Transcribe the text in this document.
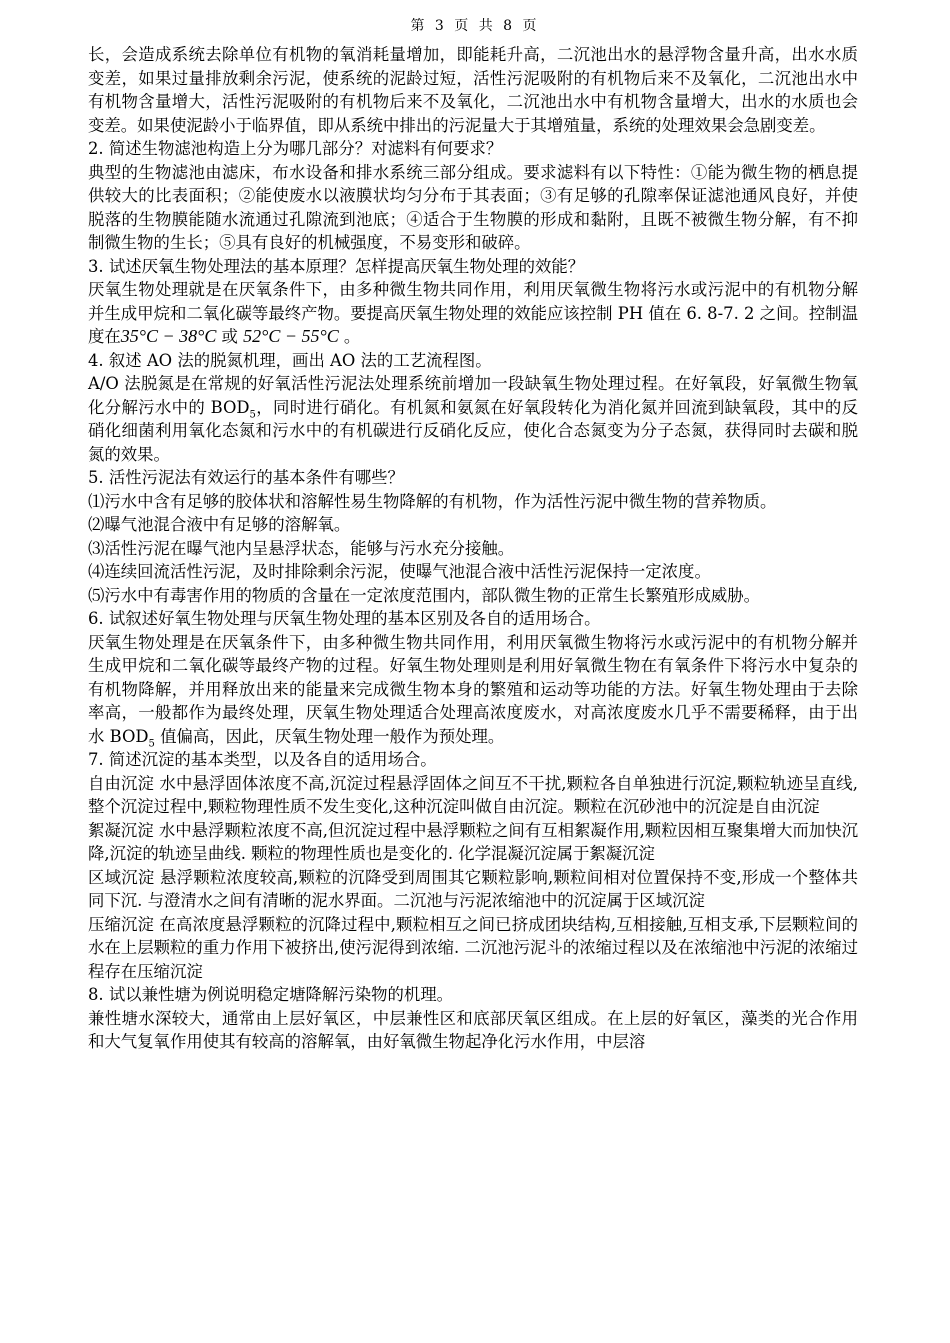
第 3 页 共 8 页

长，会造成系统去除单位有机物的氧消耗量增加，即能耗升高，二沉池出水的悬浮物含量升高，出水水质变差，如果过量排放剩余污泥，使系统的泥龄过短，活性污泥吸附的有机物后来不及氧化，二沉池出水中有机物含量增大，活性污泥吸附的有机物后来不及氧化，二沉池出水中有机物含量增大，出水的水质也会变差。如果使泥龄小于临界值，即从系统中排出的污泥量大于其增殖量，系统的处理效果会急剧变差。

2. 简述生物滤池构造上分为哪几部分？对滤料有何要求？

典型的生物滤池由滤床，布水设备和排水系统三部分组成。要求滤料有以下特性：①能为微生物的栖息提供较大的比表面积；②能使废水以液膜状均匀分布于其表面；③有足够的孔隙率保证滤池通风良好，并使脱落的生物膜能随水流通过孔隙流到池底；④适合于生物膜的形成和黏附，且既不被微生物分解，有不抑制微生物的生长；⑤具有良好的机械强度，不易变形和破碎。

3. 试述厌氧生物处理法的基本原理？怎样提高厌氧生物处理的效能？

厌氧生物处理就是在厌氧条件下，由多种微生物共同作用，利用厌氧微生物将污水或污泥中的有机物分解并生成甲烷和二氧化碳等最终产物。要提高厌氧生物处理的效能应该控制 PH 值在 6. 8-7. 2 之间。控制温度在35°C − 38°C 或 52°C − 55°C 。

4. 叙述 AO 法的脱氮机理，画出 AO 法的工艺流程图。

A/O 法脱氮是在常规的好氧活性污泥法处理系统前增加一段缺氧生物处理过程。在好氧段，好氧微生物氧化分解污水中的 $BOD_5$，同时进行硝化。有机氮和氨氮在好氧段转化为消化氮并回流到缺氧段，其中的反硝化细菌利用氧化态氮和污水中的有机碳进行反硝化反应，使化合态氮变为分子态氮，获得同时去碳和脱氮的效果。

5. 活性污泥法有效运行的基本条件有哪些？

⑴污水中含有足够的胶体状和溶解性易生物降解的有机物，作为活性污泥中微生物的营养物质。

⑵曝气池混合液中有足够的溶解氧。

⑶活性污泥在曝气池内呈悬浮状态，能够与污水充分接触。

⑷连续回流活性污泥，及时排除剩余污泥，使曝气池混合液中活性污泥保持一定浓度。

⑸污水中有毒害作用的物质的含量在一定浓度范围内，部队微生物的正常生长繁殖形成威胁。

6. 试叙述好氧生物处理与厌氧生物处理的基本区别及各自的适用场合。

厌氧生物处理是在厌氧条件下，由多种微生物共同作用，利用厌氧微生物将污水或污泥中的有机物分解并生成甲烷和二氧化碳等最终产物的过程。好氧生物处理则是利用好氧微生物在有氧条件下将污水中复杂的有机物降解，并用释放出来的能量来完成微生物本身的繁殖和运动等功能的方法。好氧生物处理由于去除率高，一般都作为最终处理，厌氧生物处理适合处理高浓度废水，对高浓度废水几乎不需要稀释，由于出水 $BOD_5$ 值偏高，因此，厌氧生物处理一般作为预处理。

7. 简述沉淀的基本类型，以及各自的适用场合。

自由沉淀 水中悬浮固体浓度不高,沉淀过程悬浮固体之间互不干扰,颗粒各自单独进行沉淀,颗粒轨迹呈直线,整个沉淀过程中,颗粒物理性质不发生变化,这种沉淀叫做自由沉淀。颗粒在沉砂池中的沉淀是自由沉淀

絮凝沉淀 水中悬浮颗粒浓度不高,但沉淀过程中悬浮颗粒之间有互相絮凝作用,颗粒因相互聚集增大而加快沉降,沉淀的轨迹呈曲线. 颗粒的物理性质也是变化的. 化学混凝沉淀属于絮凝沉淀

区域沉淀 悬浮颗粒浓度较高,颗粒的沉降受到周围其它颗粒影响,颗粒间相对位置保持不变,形成一个整体共同下沉. 与澄清水之间有清晰的泥水界面。二沉池与污泥浓缩池中的沉淀属于区域沉淀

压缩沉淀 在高浓度悬浮颗粒的沉降过程中,颗粒相互之间已挤成团块结构,互相接触,互相支承,下层颗粒间的水在上层颗粒的重力作用下被挤出,使污泥得到浓缩. 二沉池污泥斗的浓缩过程以及在浓缩池中污泥的浓缩过程存在压缩沉淀

8. 试以兼性塘为例说明稳定塘降解污染物的机理。

兼性塘水深较大，通常由上层好氧区，中层兼性区和底部厌氧区组成。在上层的好氧区，藻类的光合作用和大气复氧作用使其有较高的溶解氧，由好氧微生物起净化污水作用，中层溶
